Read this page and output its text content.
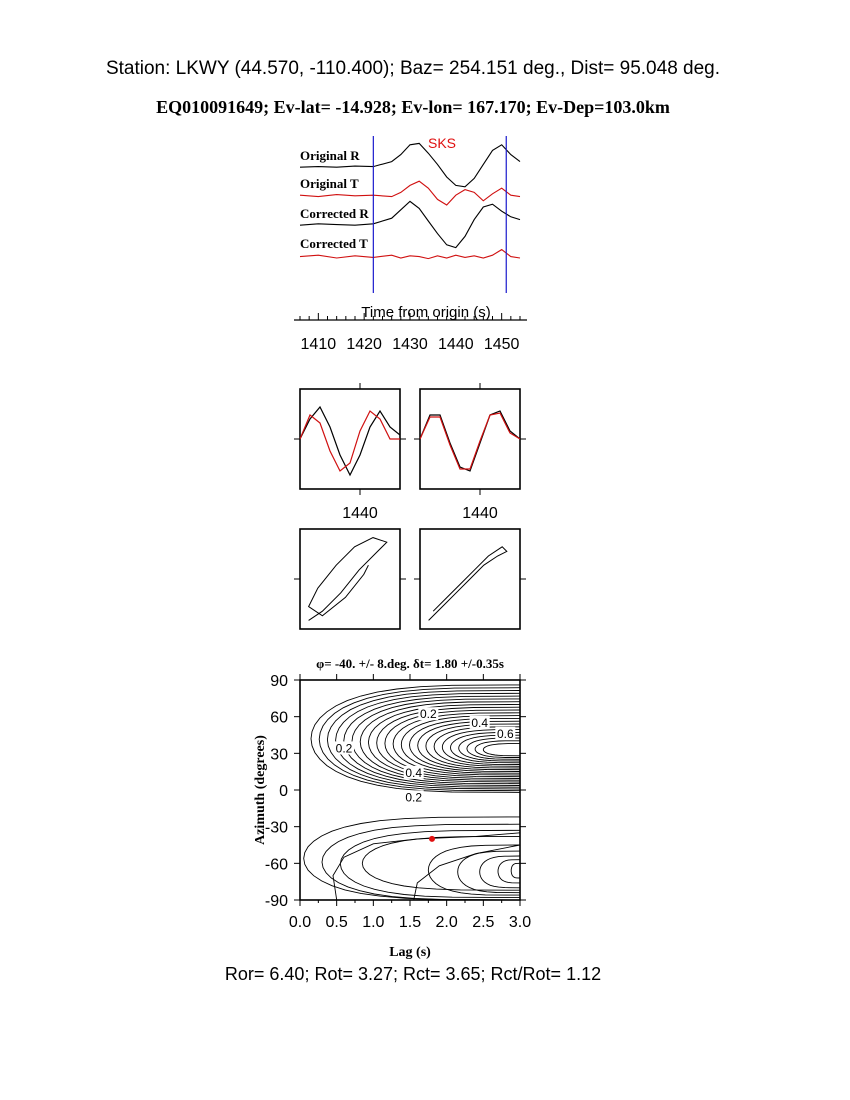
Station: LKWY (44.570, -110.400); Baz= 254.151 deg., Dist= 95.048 deg.
EQ010091649; Ev-lat= -14.928; Ev-lon= 167.170; Ev-Dep=103.0km
SKS
Original R
Original T
Corrected R
Corrected T
1410 1420 1430 1440 1450
Time from origin (s)
1440	1440
φ= -40. +/- 8.deg. δt= 1.80 +/-0.35s
0.2
0.4
0.6
0.2
0.4
0.2
0.0 0.5 1.0 1.5 2.0 2.5 3.0
90
60
30
0
-30
-60
-90
Lag (s)
Azimuth (degrees)
Ror= 6.40; Rot= 3.27; Rct= 3.65; Rct/Rot= 1.12
